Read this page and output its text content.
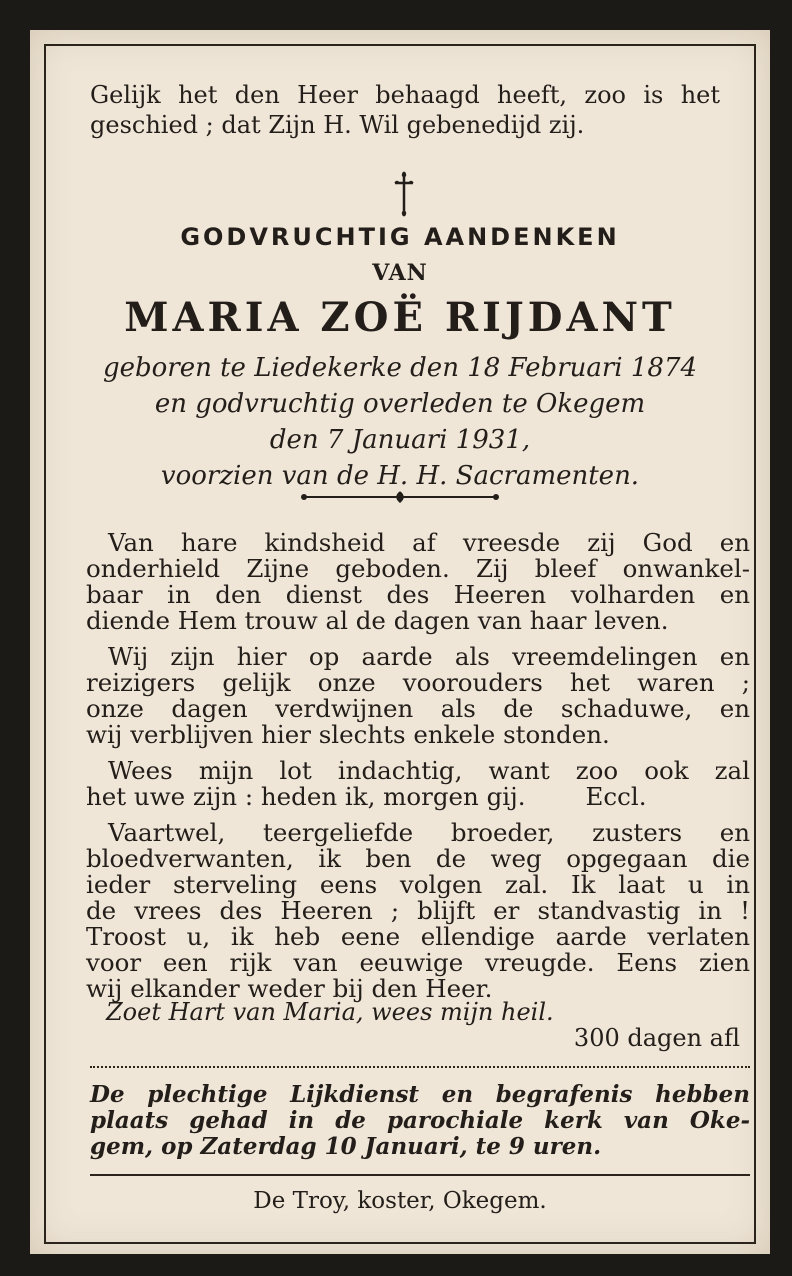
Gelijk het den Heer behaagd heeft, zoo is het
geschied ; dat Zijn H. Wil gebenedijd zij.
GODVRUCHTIG AANDENKEN
VAN
MARIA ZOË RIJDANT
geboren te Liedekerke den 18 Februari 1874
en godvruchtig overleden te Okegem
den 7 Januari 1931,
voorzien van de H. H. Sacramenten.
Van hare kindsheid af vreesde zij God en
onderhield Zijne geboden. Zij bleef onwankel-
baar in den dienst des Heeren volharden en
diende Hem trouw al de dagen van haar leven.
Wij zijn hier op aarde als vreemdelingen en
reizigers gelijk onze voorouders het waren ;
onze dagen verdwijnen als de schaduwe, en
wij verblijven hier slechts enkele stonden.
Wees mijn lot indachtig, want zoo ook zal
het uwe zijn : heden ik, morgen gij. Eccl.
Vaartwel, teergeliefde broeder, zusters en
bloedverwanten, ik ben de weg opgegaan die
ieder sterveling eens volgen zal. Ik laat u in
de vrees des Heeren ; blijft er standvastig in !
Troost u, ik heb eene ellendige aarde verlaten
voor een rijk van eeuwige vreugde. Eens zien
wij elkander weder bij den Heer.
Zoet Hart van Maria, wees mijn heil.
300 dagen afl
De plechtige Lijkdienst en begrafenis hebben
plaats gehad in de parochiale kerk van Oke-
gem, op Zaterdag 10 Januari, te 9 uren.
De Troy, koster, Okegem.
